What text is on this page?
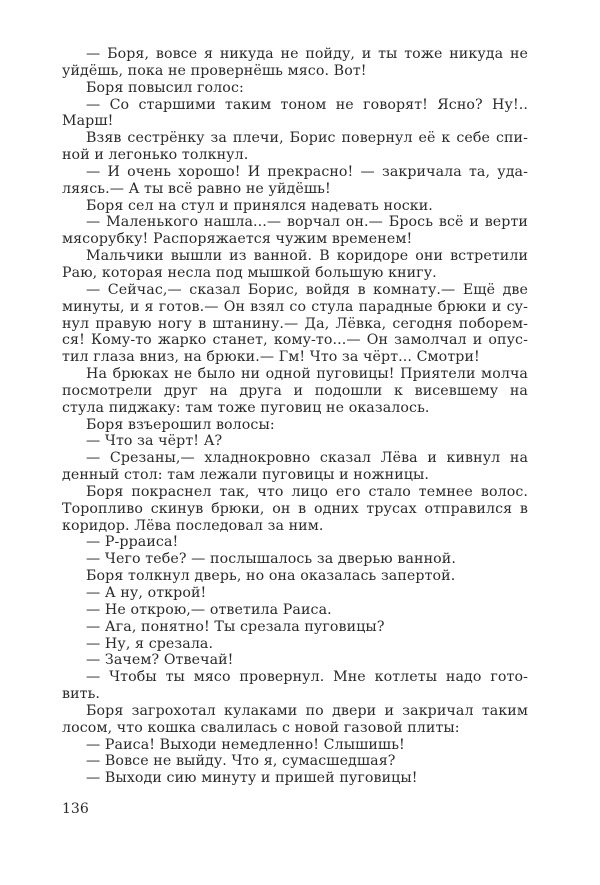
— Боря, вовсе я никуда не пойду, и ты тоже никуда не
уйдёшь, пока не провернёшь мясо. Вот!
Боря повысил голос:
— Со старшими таким тоном не говорят! Ясно? Ну!..
Марш!
Взяв сестрёнку за плечи, Борис повернул её к себе спи-
ной и легонько толкнул.
— И очень хорошо! И прекрасно! — закричала та, уда-
ляясь.— А ты всё равно не уйдёшь!
Боря сел на стул и принялся надевать носки.
— Маленького нашла...— ворчал он.— Брось всё и верти
мясорубку! Распоряжается чужим временем!
Мальчики вышли из ванной. В коридоре они встретили
Раю, которая несла под мышкой большую книгу.
— Сейчас,— сказал Борис, войдя в комнату.— Ещё две
минуты, и я готов.— Он взял со стула парадные брюки и су-
нул правую ногу в штанину.— Да, Лёвка, сегодня поборем-
ся! Кому-то жарко станет, кому-то...— Он замолчал и опус-
тил глаза вниз, на брюки.— Гм! Что за чёрт... Смотри!
На брюках не было ни одной пуговицы! Приятели молча
посмотрели друг на друга и подошли к висевшему на
стула пиджаку: там тоже пуговиц не оказалось.
Боря взъерошил волосы:
— Что за чёрт! А?
— Срезаны,— хладнокровно сказал Лёва и кивнул на
денный стол: там лежали пуговицы и ножницы.
Боря покраснел так, что лицо его стало темнее волос.
Торопливо скинув брюки, он в одних трусах отправился в
коридор. Лёва последовал за ним.
— Р-рраиса!
— Чего тебе? — послышалось за дверью ванной.
Боря толкнул дверь, но она оказалась запертой.
— А ну, открой!
— Не открою,— ответила Раиса.
— Ага, понятно! Ты срезала пуговицы?
— Ну, я срезала.
— Зачем? Отвечай!
— Чтобы ты мясо провернул. Мне котлеты надо гото-
вить.
Боря загрохотал кулаками по двери и закричал таким
лосом, что кошка свалилась с новой газовой плиты:
— Раиса! Выходи немедленно! Слышишь!
— Вовсе не выйду. Что я, сумасшедшая?
— Выходи сию минуту и пришей пуговицы!
136
